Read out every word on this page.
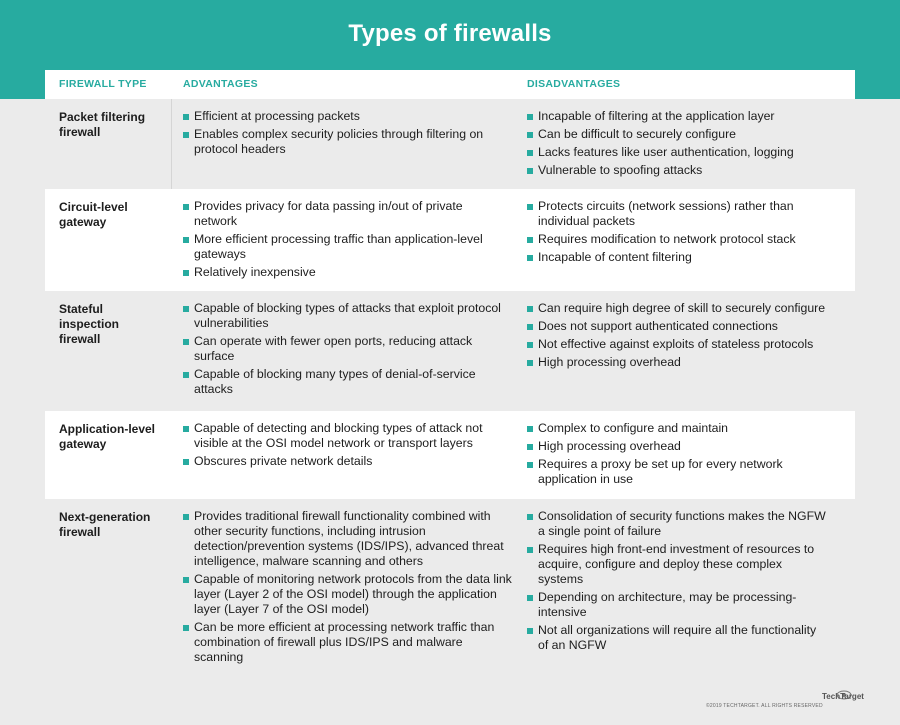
Types of firewalls
FIREWALL TYPE	ADVANTAGES	DISADVANTAGES
Packet filtering firewall
Efficient at processing packets
Enables complex security policies through filtering on protocol headers
Incapable of filtering at the application layer
Can be difficult to securely configure
Lacks features like user authentication, logging
Vulnerable to spoofing attacks
Circuit-level gateway
Provides privacy for data passing in/out of private network
More efficient processing traffic than application-level gateways
Relatively inexpensive
Protects circuits (network sessions) rather than individual packets
Requires modification to network protocol stack
Incapable of content filtering
Stateful inspection firewall
Capable of blocking types of attacks that exploit protocol vulnerabilities
Can operate with fewer open ports, reducing attack surface
Capable of blocking many types of denial-of-service attacks
Can require high degree of skill to securely configure
Does not support authenticated connections
Not effective against exploits of stateless protocols
High processing overhead
Application-level gateway
Capable of detecting and blocking types of attack not visible at the OSI model network or transport layers
Obscures private network details
Complex to configure and maintain
High processing overhead
Requires a proxy be set up for every network application in use
Next-generation firewall
Provides traditional firewall functionality combined with other security functions, including intrusion detection/prevention systems (IDS/IPS), advanced threat intelligence, malware scanning and others
Capable of monitoring network protocols from the data link layer (Layer 2 of the OSI model) through the application layer (Layer 7 of the OSI model)
Can be more efficient at processing network traffic than combination of firewall plus IDS/IPS and malware scanning
Consolidation of security functions makes the NGFW a single point of failure
Requires high front-end investment of resources to acquire, configure and deploy these complex systems
Depending on architecture, may be processing-intensive
Not all organizations will require all the functionality of an NGFW
©2019 TECHTARGET. ALL RIGHTS RESERVED
TechTarget
